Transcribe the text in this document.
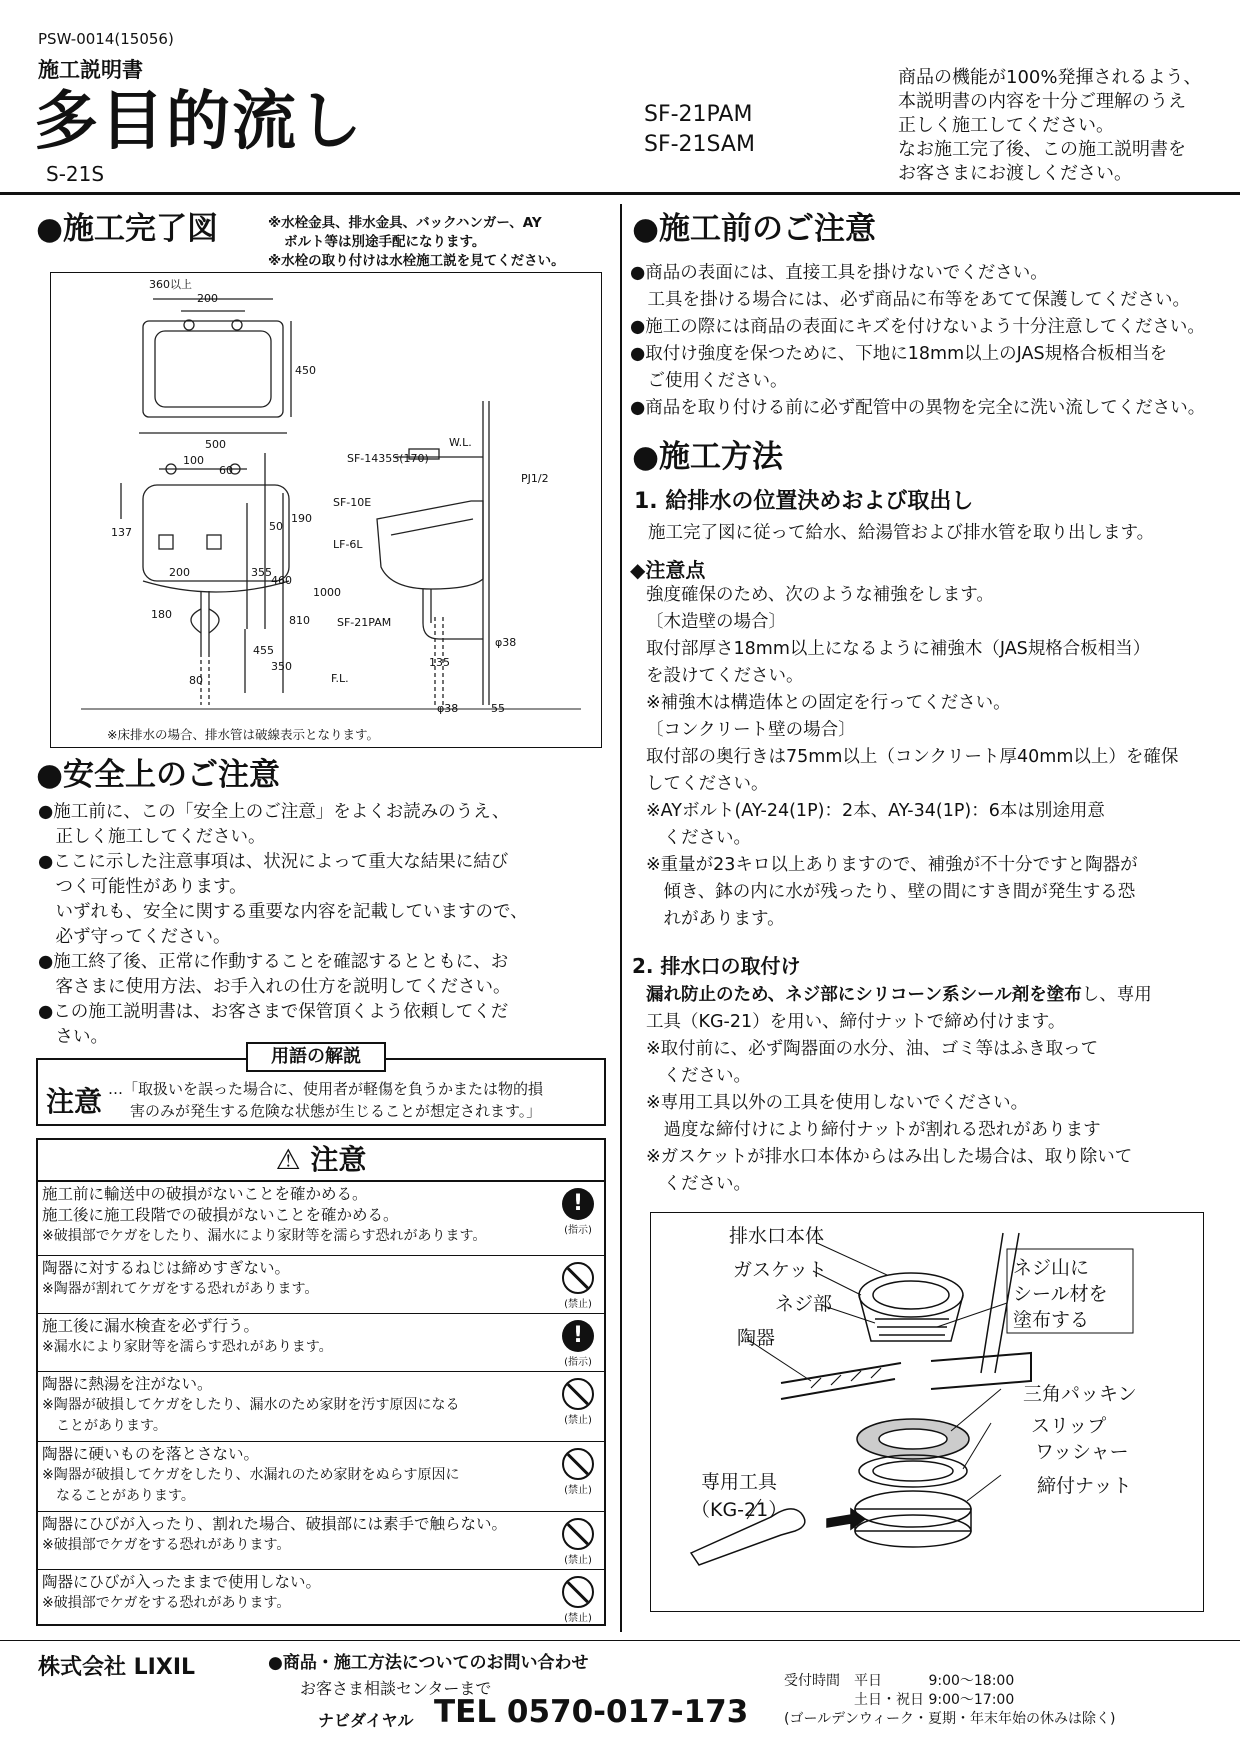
PSW-0014(15056)
施工説明書
多目的流し
S-21S
SF-21PAM
SF-21SAM
商品の機能が100%発揮されるよう、
本説明書の内容を十分ご理解のうえ
正しく施工してください。
なお施工完了後、この施工説明書を
お客さまにお渡しください。
●施工完了図	※水栓金具、排水金具、バックハンガー、AY
ボルト等は別途手配になります。
※水栓の取り付けは水栓施工説を見てください。
360以上
200
450
500
100
60
W.L.
SF-1435S(170)
PJ1/2
SF-10E
190
137	50
LF-6L
200	355
460
1000
180	810 SF-21PAM
φ38
455
350	135
80	F.L.
φ38	55
※床排水の場合、排水管は破線表示となります。
●安全上のご注意
●施工前に、この「安全上のご注意」をよくお読みのうえ、
　正しく施工してください。
●ここに示した注意事項は、状況によって重大な結果に結び
　つく可能性があります。
　いずれも、安全に関する重要な内容を記載していますので、
　必ず守ってください。
●施工終了後、正常に作動することを確認するとともに、お
　客さまに使用方法、お手入れの仕方を説明してください。
●この施工説明書は、お客さまで保管頂くよう依頼してくだ
　さい。
用語の解説
注意 …「取扱いを誤った場合に、使用者が軽傷を負うかまたは物的損
害のみが発生する危険な状態が生じることが想定されます。」
⚠ 注意
施工前に輸送中の破損がないことを確かめる。
施工後に施工段階での破損がないことを確かめる。
※破損部でケガをしたり、漏水により家財等を濡らす恐れがあります。
!
(指示)
陶器に対するねじは締めすぎない。
※陶器が割れてケガをする恐れがあります。
(禁止)
施工後に漏水検査を必ず行う。
※漏水により家財等を濡らす恐れがあります。	!
(指示)
陶器に熱湯を注がない。
※陶器が破損してケガをしたり、漏水のため家財を汚す原因になる
　ことがあります。	(禁止)
陶器に硬いものを落とさない。
※陶器が破損してケガをしたり、水漏れのため家財をぬらす原因に
　なることがあります。	(禁止)
陶器にひびが入ったり、割れた場合、破損部には素手で触らない。
※破損部でケガをする恐れがあります。
(禁止)
陶器にひびが入ったままで使用しない。
※破損部でケガをする恐れがあります。
(禁止)
●施工前のご注意
●商品の表面には、直接工具を掛けないでください。
　工具を掛ける場合には、必ず商品に布等をあてて保護してください。
●施工の際には商品の表面にキズを付けないよう十分注意してください。
●取付け強度を保つために、下地に18mm以上のJAS規格合板相当を
　ご使用ください。
●商品を取り付ける前に必ず配管中の異物を完全に洗い流してください。
●施工方法
1. 給排水の位置決めおよび取出し
施工完了図に従って給水、給湯管および排水管を取り出します。
◆注意点
強度確保のため、次のような補強をします。
〔木造壁の場合〕
取付部厚さ18mm以上になるように補強木（JAS規格合板相当）
を設けてください。
※補強木は構造体との固定を行ってください。
〔コンクリート壁の場合〕
取付部の奥行きは75mm以上（コンクリート厚40mm以上）を確保
してください。
※AYボルト(AY-24(1P)：2本、AY-34(1P)：6本は別途用意
　ください。
※重量が23キロ以上ありますので、補強が不十分ですと陶器が
　傾き、鉢の内に水が残ったり、壁の間にすき間が発生する恐
　れがあります。
2. 排水口の取付け
漏れ防止のため、ネジ部にシリコーン系シール剤を塗布し、専用
工具（KG-21）を用い、締付ナットで締め付けます。
※取付前に、必ず陶器面の水分、油、ゴミ等はふき取って
　ください。
※専用工具以外の工具を使用しないでください。
　過度な締付けにより締付ナットが割れる恐れがあります
※ガスケットが排水口本体からはみ出した場合は、取り除いて
　ください。
排水口本体
ガスケット
ネジ部
陶器
ネジ山に
シール材を
塗布する
三角パッキン
スリップ
ワッシャー
締付ナット
専用工具
（KG-21）
株式会社 LIXIL	●商品・施工方法についてのお問い合わせ
お客さま相談センターまで
ナビダイヤル TEL 0570-017-173
受付時間　平日　　　 9:00～18:00
　　　　　土日・祝日 9:00～17:00
(ゴールデンウィーク・夏期・年末年始の休みは除く)
